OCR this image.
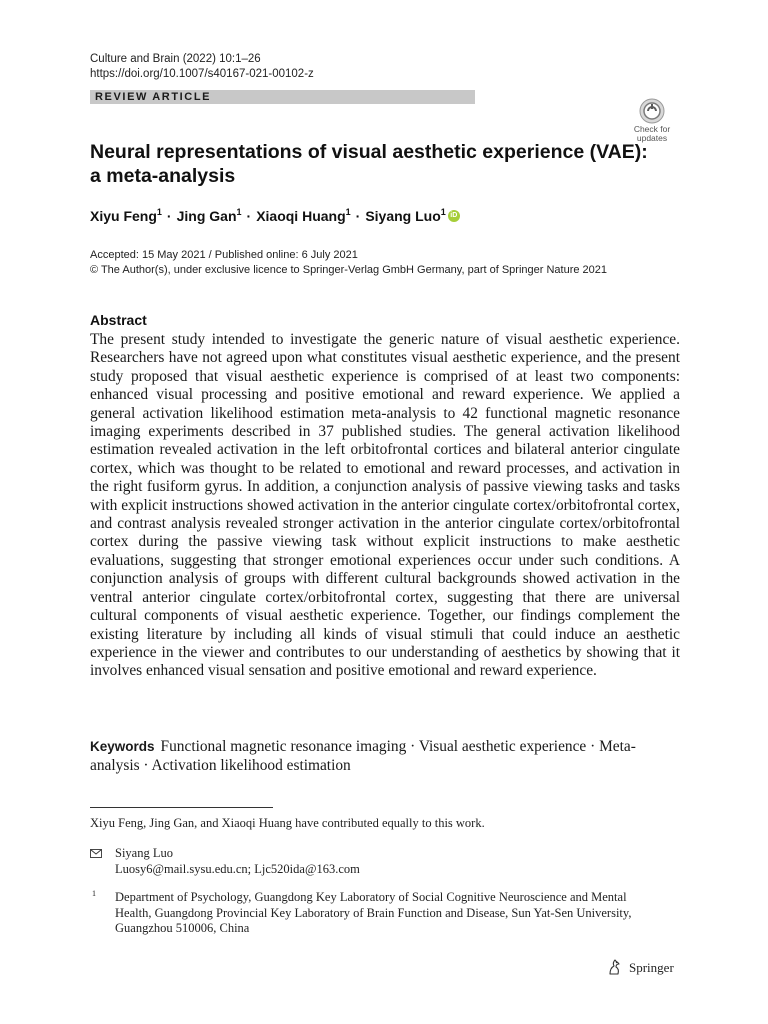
Culture and Brain (2022) 10:1–26
https://doi.org/10.1007/s40167-021-00102-z
REVIEW ARTICLE
Check for
updates
Neural representations of visual aesthetic experience (VAE):
a meta-analysis
Xiyu Feng$^1$ · Jing Gan$^1$ · Xiaoqi Huang$^1$ · Siyang Luo$^1$ iD
Accepted: 15 May 2021 / Published online: 6 July 2021
© The Author(s), under exclusive licence to Springer-Verlag GmbH Germany, part of Springer Nature 2021
Abstract

The present study intended to investigate the generic nature of visual aesthetic experience. Researchers have not agreed upon what constitutes visual aesthetic experience, and the present study proposed that visual aesthetic experience is comprised of at least two components: enhanced visual processing and positive emotional and reward experience. We applied a general activation likelihood estimation meta-analysis to 42 functional magnetic resonance imaging experiments described in 37 published studies. The general activation likelihood estimation revealed activation in the left orbitofrontal cortices and bilateral anterior cingulate cortex, which was thought to be related to emotional and reward processes, and activation in the right fusiform gyrus. In addition, a conjunction analysis of passive viewing tasks and tasks with explicit instructions showed activation in the anterior cingulate cortex/orbitofrontal cortex, and contrast analysis revealed stronger activation in the anterior cingulate cortex/orbitofrontal cortex during the passive viewing task without explicit instructions to make aesthetic evaluations, suggesting that stronger emotional experiences occur under such conditions. A conjunction analysis of groups with different cultural backgrounds showed activation in the ventral anterior cingulate cortex/orbitofrontal cortex, suggesting that there are universal cultural components of visual aesthetic experience. Together, our findings complement the existing literature by including all kinds of visual stimuli that could induce an aesthetic experience in the viewer and contributes to our understanding of aesthetics by showing that it involves enhanced visual sensation and positive emotional and reward experience.

Keywords Functional magnetic resonance imaging · Visual aesthetic experience · Meta-analysis · Activation likelihood estimation

Xiyu Feng, Jing Gan, and Xiaoqi Huang have contributed equally to this work.
Siyang Luo
Luosy6@mail.sysu.edu.cn; Ljc520ida@163.com
1 Department of Psychology, Guangdong Key Laboratory of Social Cognitive Neuroscience and Mental Health, Guangdong Provincial Key Laboratory of Brain Function and Disease, Sun Yat-Sen University, Guangzhou 510006, China

Springer
